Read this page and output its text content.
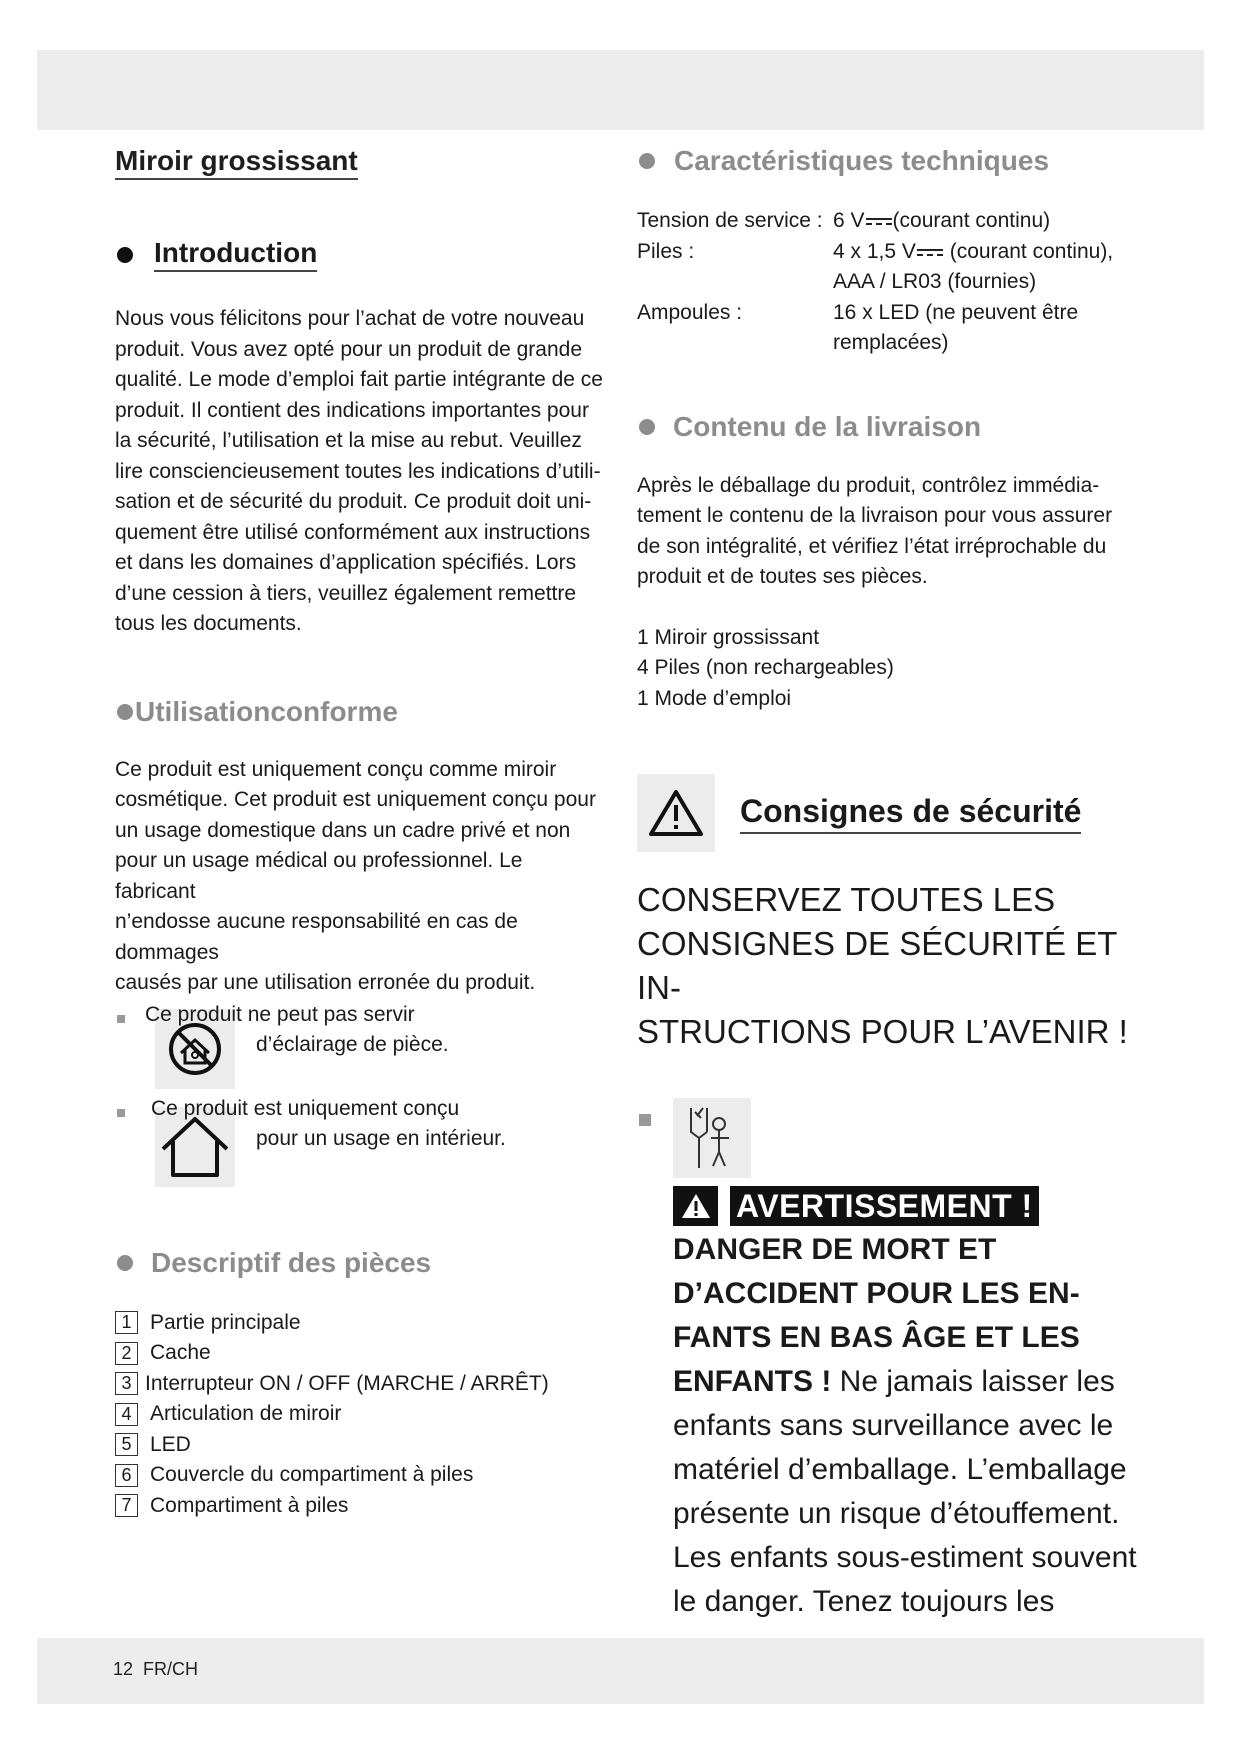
Miroir grossissant
Introduction

Nous vous félicitons pour l’achat de votre nouveau
produit. Vous avez opté pour un produit de grande
qualité. Le mode d’emploi fait partie intégrante de ce
produit. Il contient des indications importantes pour
la sécurité, l’utilisation et la mise au rebut. Veuillez
lire consciencieusement toutes les indications d’utili-
sation et de sécurité du produit. Ce produit doit uni-
quement être utilisé conformément aux instructions
et dans les domaines d’application spécifiés. Lors
d’une cession à tiers, veuillez également remettre
tous les documents.

Utilisationconforme

Ce produit est uniquement conçu comme miroir
cosmétique. Cet produit est uniquement conçu pour
un usage domestique dans un cadre privé et non
pour un usage médical ou professionnel. Le fabricant
n’endosse aucune responsabilité en cas de dommages
causés par une utilisation erronée du produit.

Ce produit ne peut pas servir
d’éclairage de pièce.
Ce produit est uniquement conçu
pour un usage en intérieur.
Descriptif des pièces
1 Partie principale
2 Cache
3 Interrupteur ON / OFF (MARCHE / ARRÊT)
4 Articulation de miroir
5 LED
6 Couvercle du compartiment à piles
7 Compartiment à piles
Caractéristiques techniques
Tension de service : 6 V (courant continu)
Piles :	4 x 1,5 V (courant continu),
AAA / LR03 (fournies)
Ampoules :	16 x LED (ne peuvent être
remplacées)
Contenu de la livraison

Après le déballage du produit, contrôlez immédia-
tement le contenu de la livraison pour vous assurer
de son intégralité, et vérifiez l’état irréprochable du
produit et de toutes ses pièces.

1 Miroir grossissant
4 Piles (non rechargeables)
1 Mode d’emploi
Consignes de sécurité
CONSERVEZ TOUTES LES
CONSIGNES DE SÉCURITÉ ET IN-
STRUCTIONS POUR L’AVENIR !
AVERTISSEMENT !
DANGER DE MORT ET
D’ACCIDENT POUR LES EN-
FANTS EN BAS ÂGE ET LES
ENFANTS ! Ne jamais laisser les
enfants sans surveillance avec le
matériel d’emballage. L’emballage
présente un risque d’étouffement.
Les enfants sous-estiment souvent
le danger. Tenez toujours les
12 FR/CH
